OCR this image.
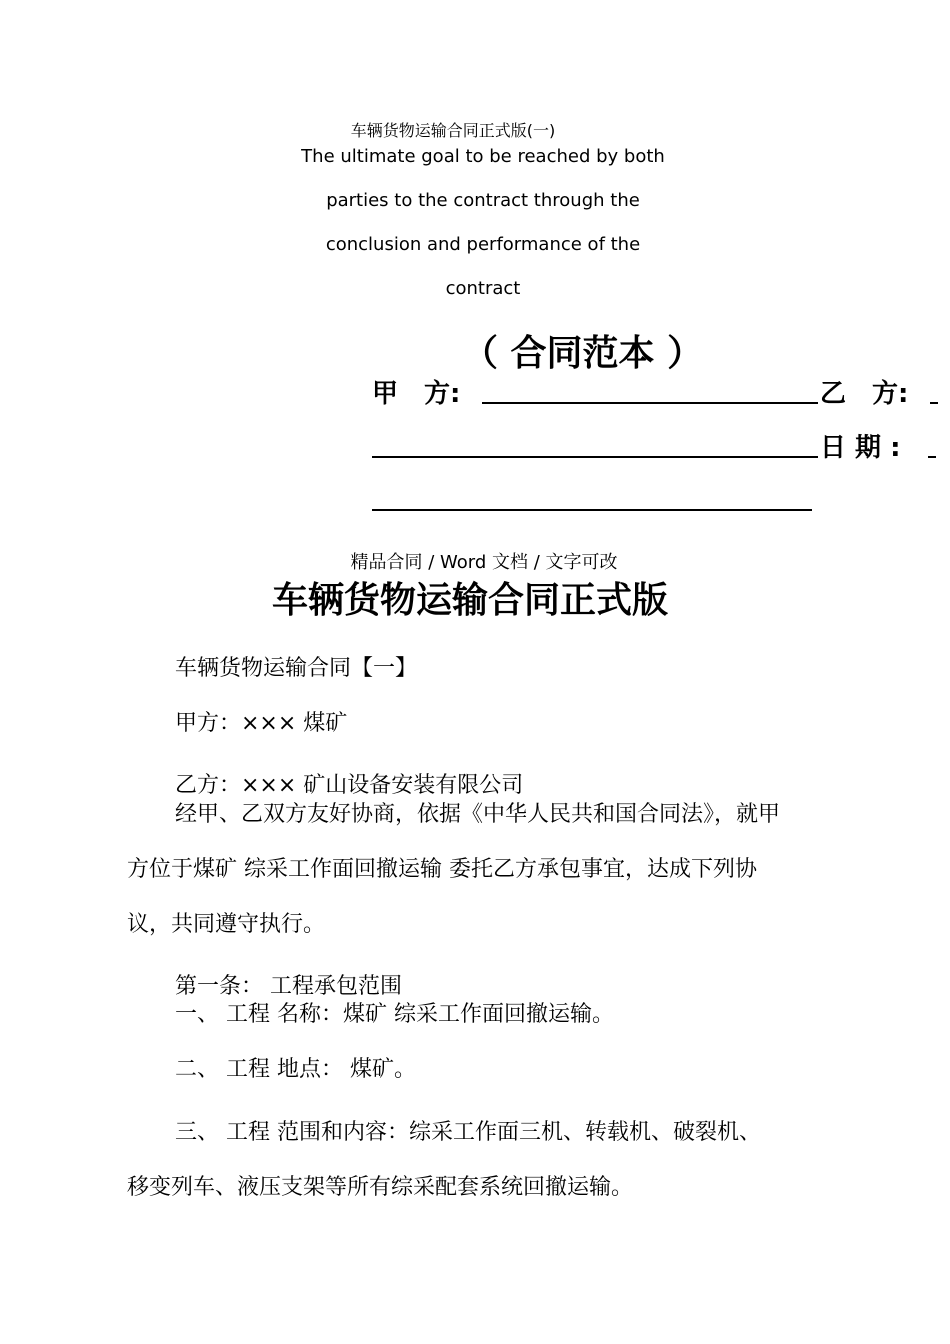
车辆货物运输合同正式版(一)
The ultimate goal to be reached by both
parties to the contract through the
conclusion and performance of the
contract
（ 合同范本 ）
甲　方:	乙　方:
日 期 :
精品合同 / Word 文档 / 文字可改
车辆货物运输合同正式版
车辆货物运输合同【一】
甲方：××× 煤矿
乙方：××× 矿山设备安装有限公司
经甲、乙双方友好协商，依据《中华人民共和国合同法》，就甲
方位于煤矿 综采工作面回撤运输 委托乙方承包事宜，达成下列协
议，共同遵守执行。
第一条： 工程承包范围
一、 工程 名称：煤矿 综采工作面回撤运输。
二、 工程 地点： 煤矿。
三、 工程 范围和内容：综采工作面三机、转载机、破裂机、
移变列车、液压支架等所有综采配套系统回撤运输。
